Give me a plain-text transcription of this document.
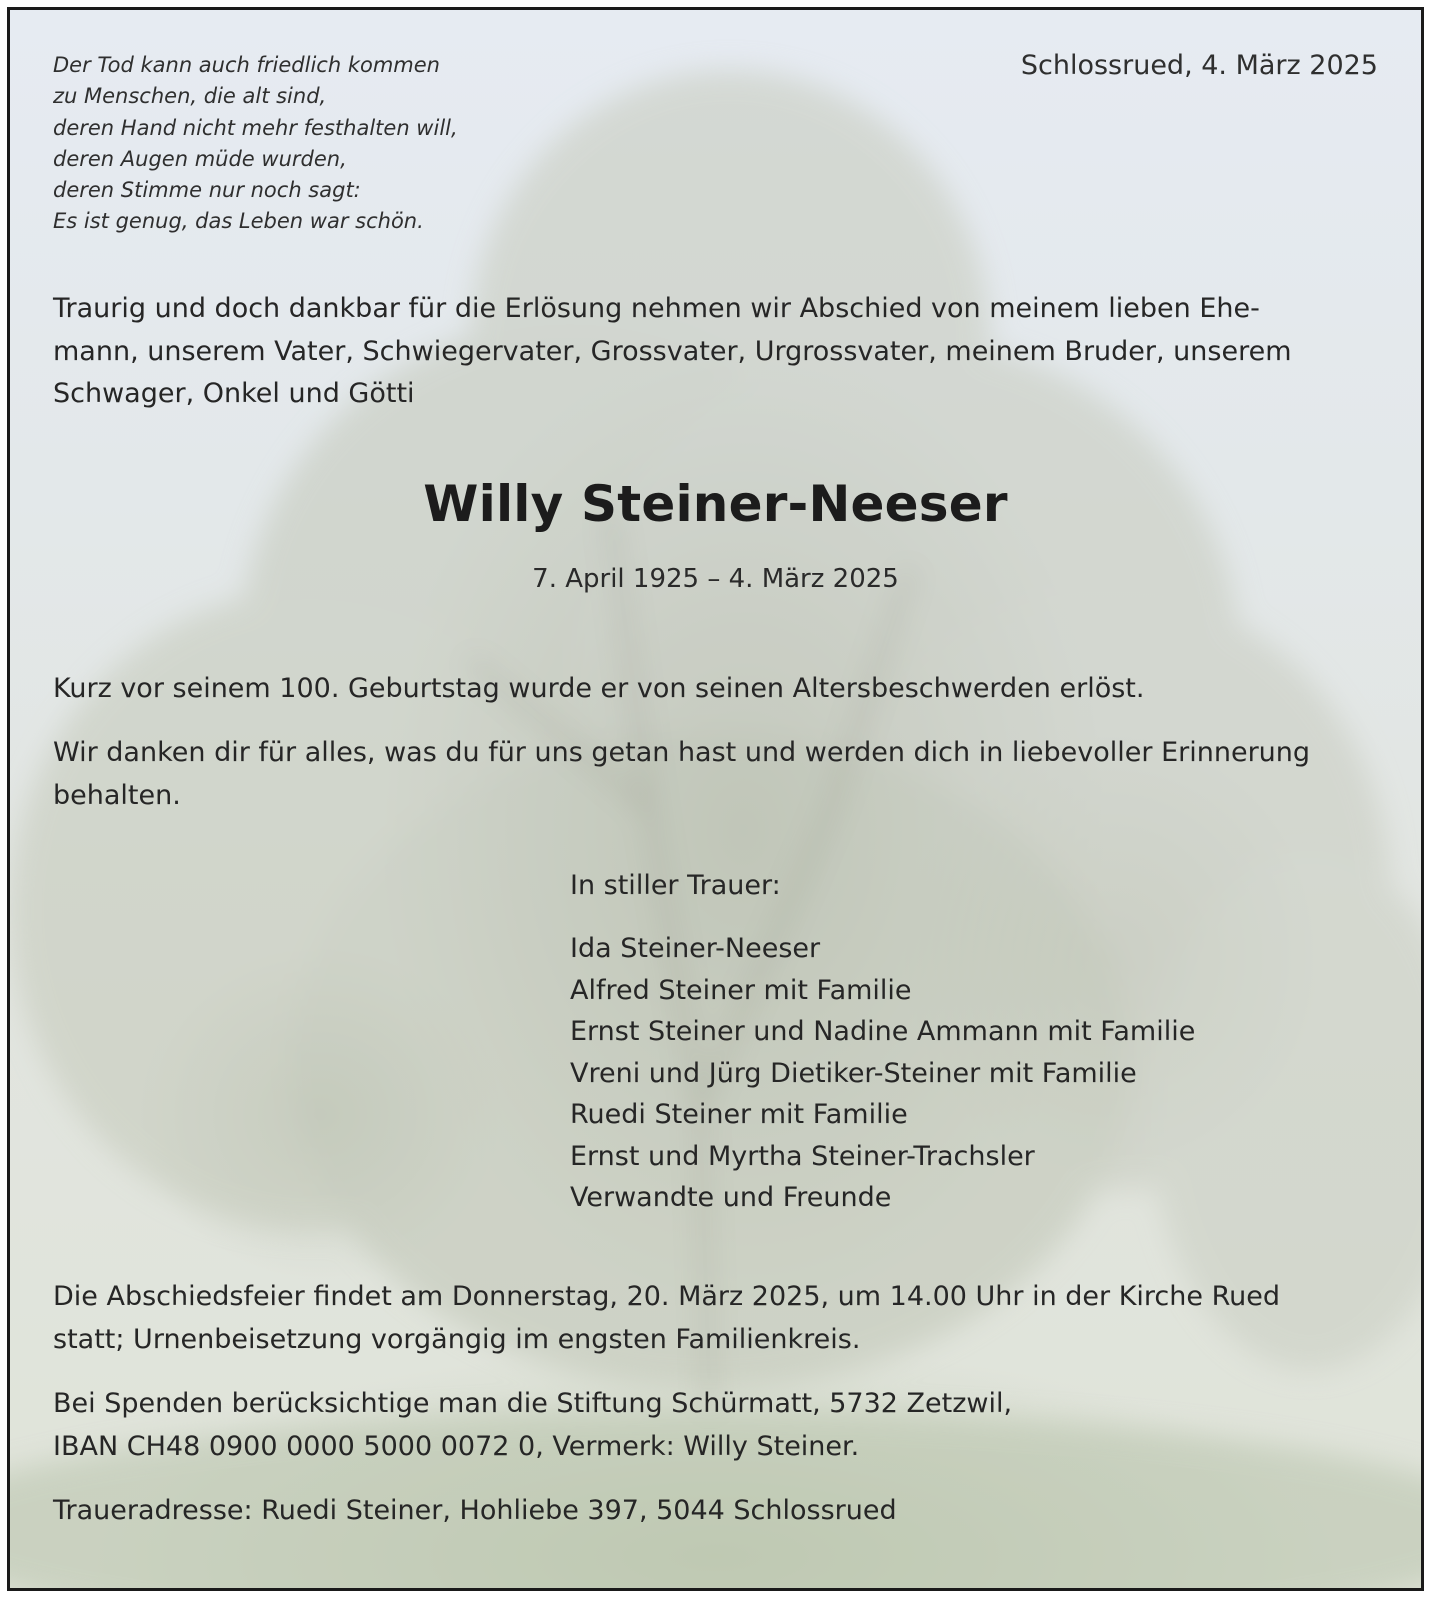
Der Tod kann auch friedlich kommen
zu Menschen, die alt sind,
deren Hand nicht mehr festhalten will,
deren Augen müde wurden,
deren Stimme nur noch sagt:
Es ist genug, das Leben war schön.
Schlossrued, 4. März 2025
Traurig und doch dankbar für die Erlösung nehmen wir Abschied von meinem lieben Ehe-
mann, unserem Vater, Schwiegervater, Grossvater, Urgrossvater, meinem Bruder, unserem
Schwager, Onkel und Götti
Willy Steiner-Neeser
7. April 1925 – 4. März 2025
Kurz vor seinem 100. Geburtstag wurde er von seinen Altersbeschwerden erlöst.
Wir danken dir für alles, was du für uns getan hast und werden dich in liebevoller Erinnerung
behalten.
In stiller Trauer:
Ida Steiner-Neeser
Alfred Steiner mit Familie
Ernst Steiner und Nadine Ammann mit Familie
Vreni und Jürg Dietiker-Steiner mit Familie
Ruedi Steiner mit Familie
Ernst und Myrtha Steiner-Trachsler
Verwandte und Freunde
Die Abschiedsfeier findet am Donnerstag, 20. März 2025, um 14.00 Uhr in der Kirche Rued
statt; Urnenbeisetzung vorgängig im engsten Familienkreis.
Bei Spenden berücksichtige man die Stiftung Schürmatt, 5732 Zetzwil,
IBAN CH48 0900 0000 5000 0072 0, Vermerk: Willy Steiner.
Traueradresse: Ruedi Steiner, Hohliebe 397, 5044 Schlossrued
